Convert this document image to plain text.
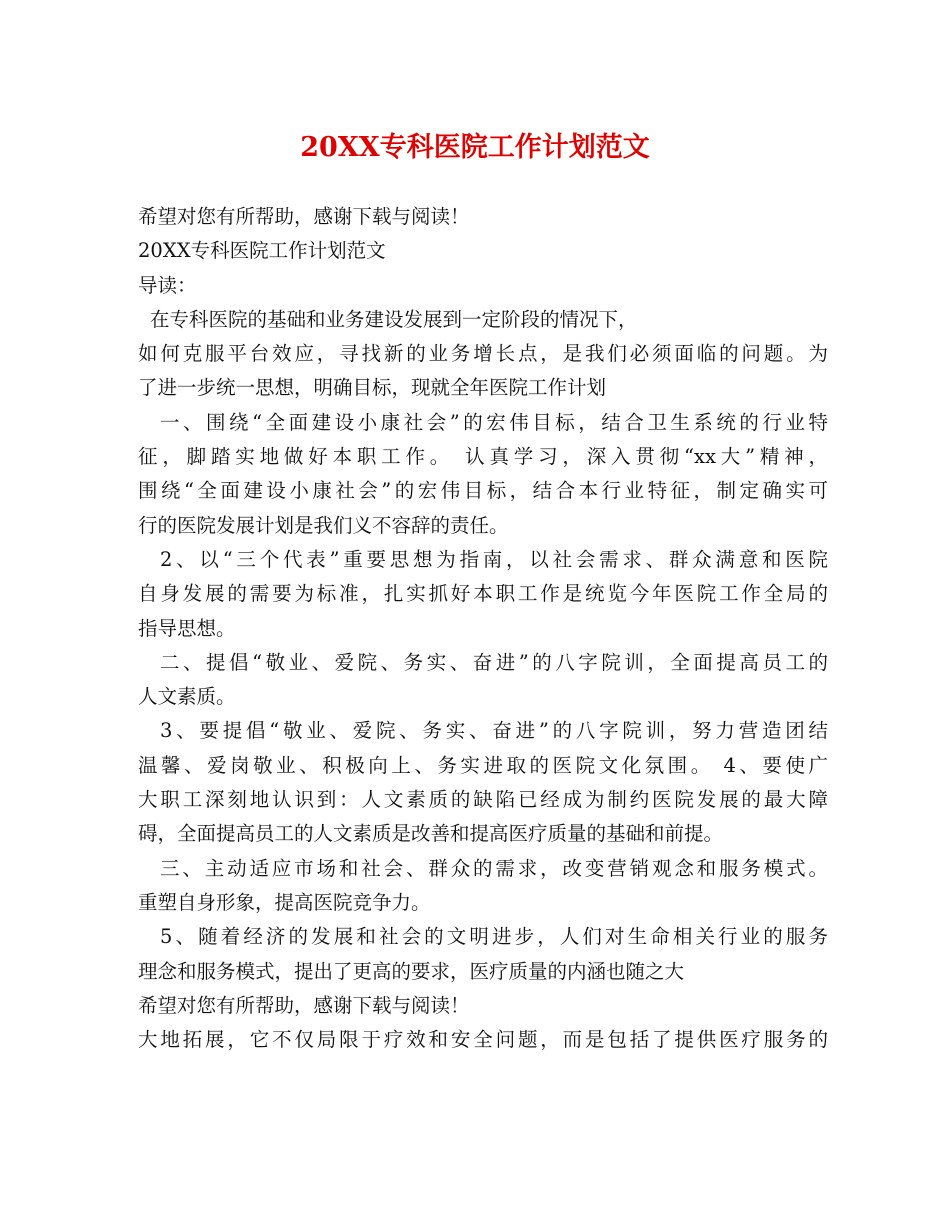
20XX专科医院工作计划范文
希望对您有所帮助，感谢下载与阅读！
20XX专科医院工作计划范文
导读：
在专科医院的基础和业务建设发展到一定阶段的情况下，
如何克服平台效应，寻找新的业务增长点，是我们必须面临的问题。为
了进一步统一思想，明确目标，现就全年医院工作计划
一、围绕“全面建设小康社会”的宏伟目标，结合卫生系统的行业特
征，脚踏实地做好本职工作。 认真学习，深入贯彻“xx大”精神，
围绕“全面建设小康社会”的宏伟目标，结合本行业特征，制定确实可
行的医院发展计划是我们义不容辞的责任。
2、以“三个代表”重要思想为指南，以社会需求、群众满意和医院
自身发展的需要为标准，扎实抓好本职工作是统览今年医院工作全局的
指导思想。
二、提倡“敬业、爱院、务实、奋进”的八字院训，全面提高员工的
人文素质。
3、要提倡“敬业、爱院、务实、奋进”的八字院训，努力营造团结
温馨、爱岗敬业、积极向上、务实进取的医院文化氛围。 4、要使广
大职工深刻地认识到：人文素质的缺陷已经成为制约医院发展的最大障
碍，全面提高员工的人文素质是改善和提高医疗质量的基础和前提。
三、主动适应市场和社会、群众的需求，改变营销观念和服务模式。
重塑自身形象，提高医院竞争力。
5、随着经济的发展和社会的文明进步，人们对生命相关行业的服务
理念和服务模式，提出了更高的要求，医疗质量的内涵也随之大
希望对您有所帮助，感谢下载与阅读！
大地拓展，它不仅局限于疗效和安全问题，而是包括了提供医疗服务的
